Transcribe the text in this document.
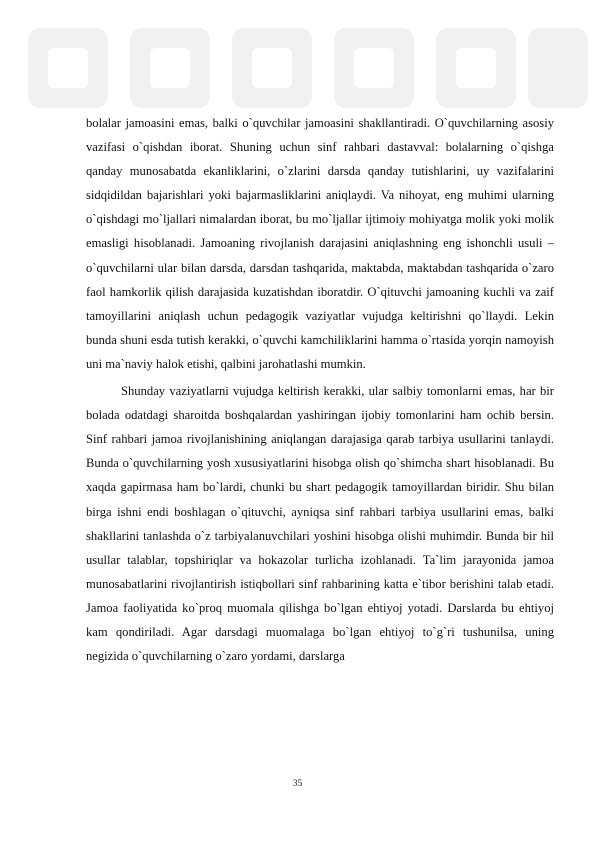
bolalar jamoasini emas, balki o`quvchilar jamoasini shakllantiradi. O`quvchilarning asosiy vazifasi o`qishdan iborat. Shuning uchun sinf rahbari dastavval: bolalarning o`qishga qanday munosabatda ekanliklarini, o`zlarini darsda qanday tutishlarini, uy vazifalarini sidqidildan bajarishlari yoki bajarmasliklarini aniqlaydi. Va nihoyat, eng muhimi ularning o`qishdagi mo`ljallari nimalardan iborat, bu mo`ljallar ijtimoiy mohiyatga molik yoki molik emasligi hisoblanadi. Jamoaning rivojlanish darajasini aniqlashning eng ishonchli usuli – o`quvchilarni ular bilan darsda, darsdan tashqarida, maktabda, maktabdan tashqarida o`zaro faol hamkorlik qilish darajasida kuzatishdan iboratdir. O`qituvchi jamoaning kuchli va zaif tamoyillarini aniqlash uchun pedagogik vaziyatlar vujudga keltirishni qo`llaydi. Lekin bunda shuni esda tutish kerakki, o`quvchi kamchiliklarini hamma o`rtasida yorqin namoyish uni ma`naviy halok etishi, qalbini jarohatlashi mumkin.

Shunday vaziyatlarni vujudga keltirish kerakki, ular salbiy tomonlarni emas, har bir bolada odatdagi sharoitda boshqalardan yashiringan ijobiy tomonlarini ham ochib bersin. Sinf rahbari jamoa rivojlanishining aniqlangan darajasiga qarab tarbiya usullarini tanlaydi. Bunda o`quvchilarning yosh xususiyatlarini hisobga olish qo`shimcha shart hisoblanadi. Bu xaqda gapirmasa ham bo`lardi, chunki bu shart pedagogik tamoyillardan biridir. Shu bilan birga ishni endi boshlagan o`qituvchi, ayniqsa sinf rahbari tarbiya usullarini emas, balki shakllarini tanlashda o`z tarbiyalanuvchilari yoshini hisobga olishi muhimdir. Bunda bir hil usullar talablar, topshiriqlar va hokazolar turlicha izohlanadi. Ta`lim jarayonida jamoa munosabatlarini rivojlantirish istiqbollari sinf rahbarining katta e`tibor berishini talab etadi. Jamoa faoliyatida ko`proq muomala qilishga bo`lgan ehtiyoj yotadi. Darslarda bu ehtiyoj kam qondiriladi. Agar darsdagi muomalaga bo`lgan ehtiyoj to`g`ri tushunilsa, uning negizida o`quvchilarning o`zaro yordami, darslarga

35
